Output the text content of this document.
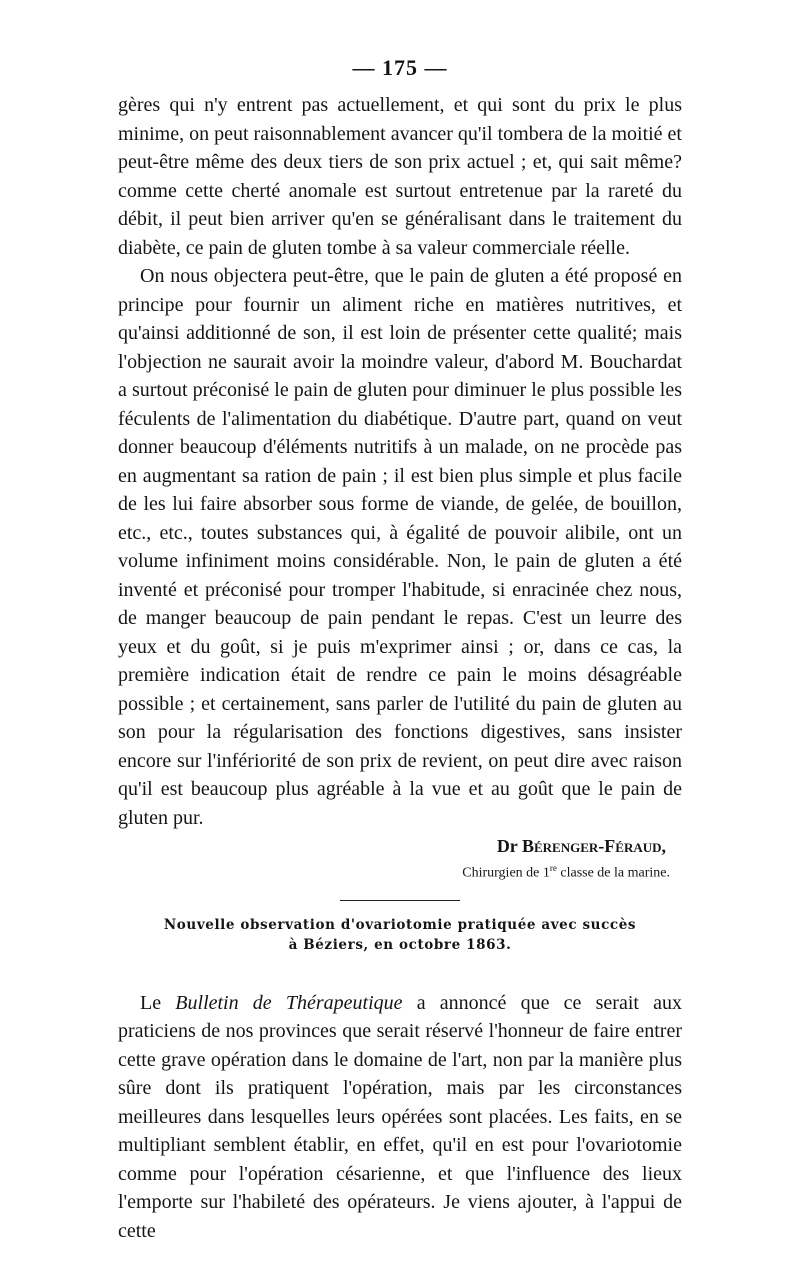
— 175 —

gères qui n'y entrent pas actuellement, et qui sont du prix le plus minime, on peut raisonnablement avancer qu'il tombera de la moitié et peut-être même des deux tiers de son prix actuel ; et, qui sait même? comme cette cherté anomale est surtout entretenue par la rareté du débit, il peut bien arriver qu'en se généralisant dans le traitement du diabète, ce pain de gluten tombe à sa valeur commerciale réelle.

On nous objectera peut-être, que le pain de gluten a été proposé en principe pour fournir un aliment riche en matières nutritives, et qu'ainsi additionné de son, il est loin de présenter cette qualité; mais l'objection ne saurait avoir la moindre valeur, d'abord M. Bouchardat a surtout préconisé le pain de gluten pour diminuer le plus possible les féculents de l'alimentation du diabétique. D'autre part, quand on veut donner beaucoup d'éléments nutritifs à un malade, on ne procède pas en augmentant sa ration de pain ; il est bien plus simple et plus facile de les lui faire absorber sous forme de viande, de gelée, de bouillon, etc., etc., toutes substances qui, à égalité de pouvoir alibile, ont un volume infiniment moins considérable. Non, le pain de gluten a été inventé et préconisé pour tromper l'habitude, si enracinée chez nous, de manger beaucoup de pain pendant le repas. C'est un leurre des yeux et du goût, si je puis m'exprimer ainsi ; or, dans ce cas, la première indication était de rendre ce pain le moins désagréable possible ; et certainement, sans parler de l'utilité du pain de gluten au son pour la régularisation des fonctions digestives, sans insister encore sur l'infériorité de son prix de revient, on peut dire avec raison qu'il est beaucoup plus agréable à la vue et au goût que le pain de gluten pur.

Dr Bérenger-Féraud,
Chirurgien de 1re classe de la marine.
Nouvelle observation d'ovariotomie pratiquée avec succès
à Béziers, en octobre 1863.

Le Bulletin de Thérapeutique a annoncé que ce serait aux praticiens de nos provinces que serait réservé l'honneur de faire entrer cette grave opération dans le domaine de l'art, non par la manière plus sûre dont ils pratiquent l'opération, mais par les circonstances meilleures dans lesquelles leurs opérées sont placées. Les faits, en se multipliant semblent établir, en effet, qu'il en est pour l'ovariotomie comme pour l'opération césarienne, et que l'influence des lieux l'emporte sur l'habileté des opérateurs. Je viens ajouter, à l'appui de cette
